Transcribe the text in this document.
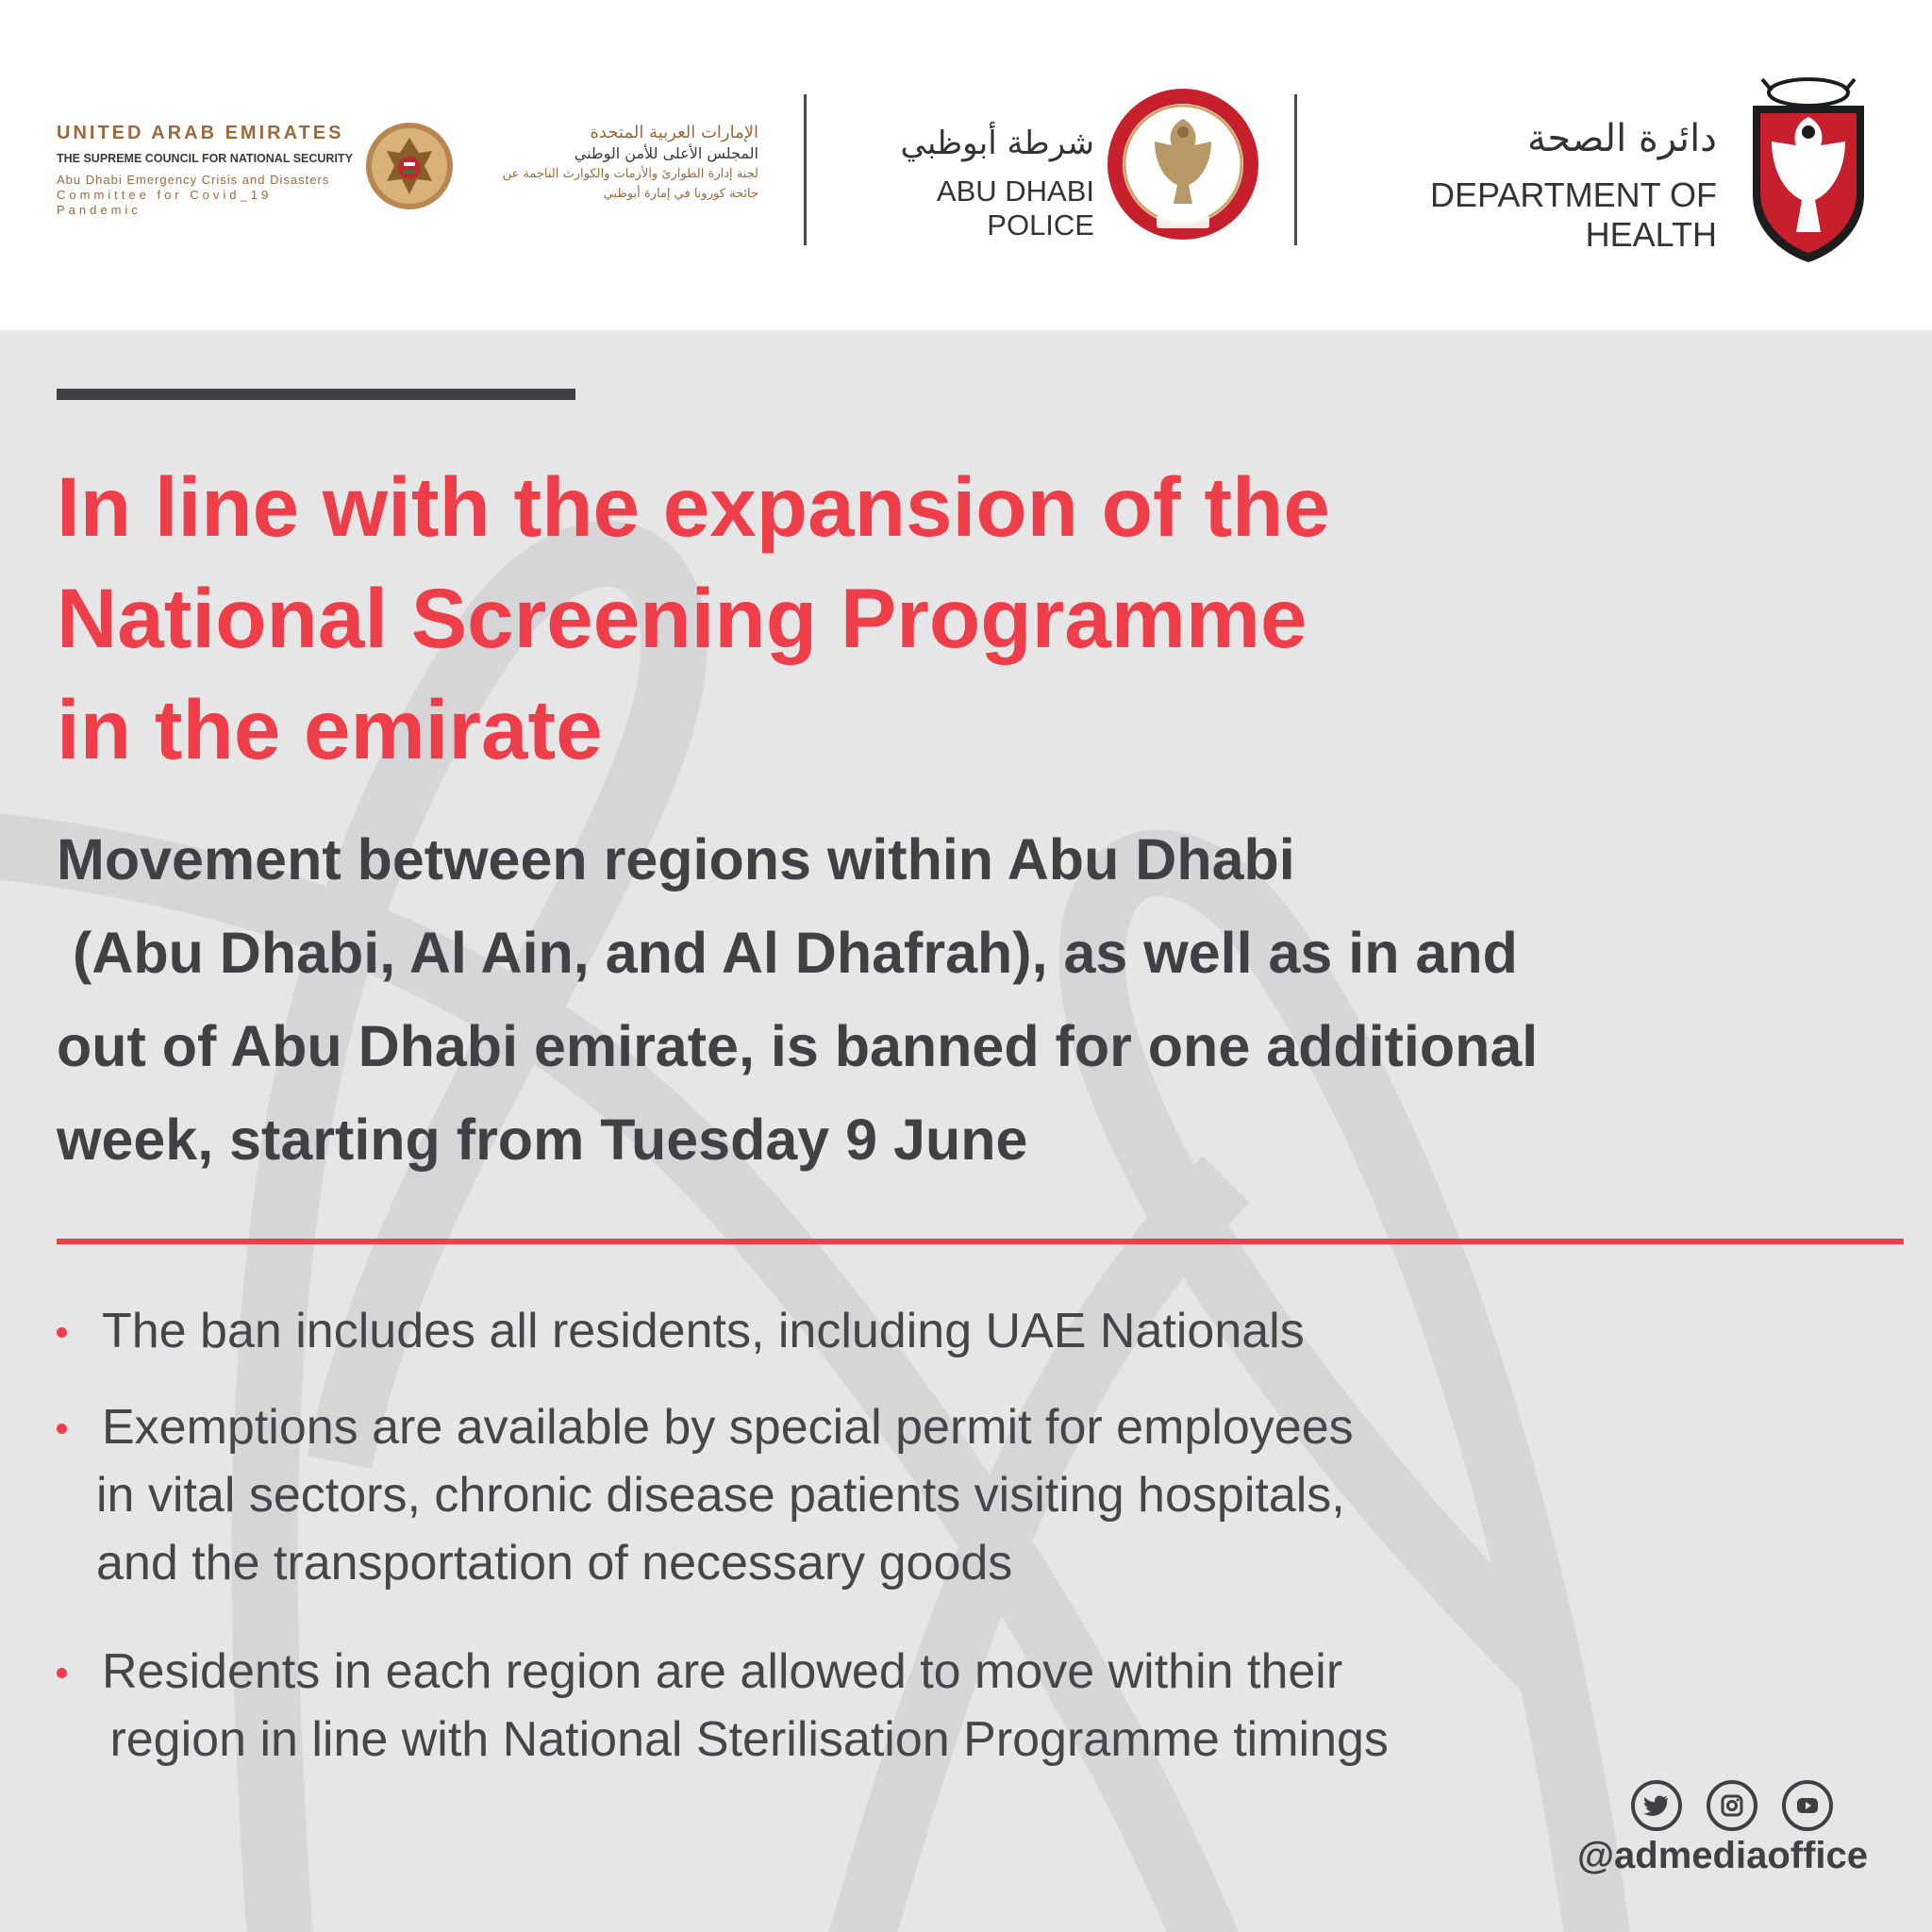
UNITED ARAB EMIRATES
THE SUPREME COUNCIL FOR NATIONAL SECURITY
Abu Dhabi Emergency Crisis and Disasters
Committee for Covid_19 Pandemic
الإمارات العربية المتحدة
المجلس الأعلى للأمن الوطني
لجنة إدارة الطوارئ والأزمات والكوارث الناجمة عن
جائحة كورونا في إمارة أبوظبي
شرطة أبوظبي
ABU DHABI POLICE
دائرة الصحة
DEPARTMENT OF HEALTH
In line with the expansion of the
National Screening Programme
in the emirate
Movement between regions within Abu Dhabi
(Abu Dhabi, Al Ain, and Al Dhafrah), as well as in and
out of Abu Dhabi emirate, is banned for one additional
week, starting from Tuesday 9 June
The ban includes all residents, including UAE Nationals
Exemptions are available by special permit for employees
in vital sectors, chronic disease patients visiting hospitals,
and the transportation of necessary goods
Residents in each region are allowed to move within their
region in line with National Sterilisation Programme timings
@admediaoffice
